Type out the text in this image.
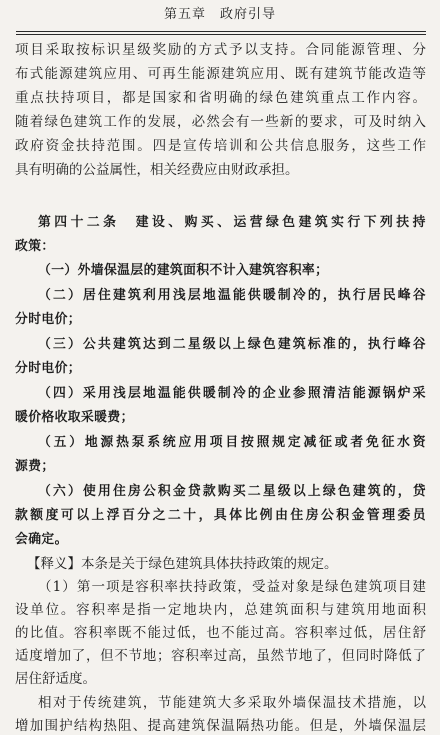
第五章 政府引导
项目采取按标识星级奖励的方式予以支持。合同能源管理、分
布式能源建筑应用、可再生能源建筑应用、既有建筑节能改造等
重点扶持项目，都是国家和省明确的绿色建筑重点工作内容。
随着绿色建筑工作的发展，必然会有一些新的要求，可及时纳入
政府资金扶持范围。四是宣传培训和公共信息服务，这些工作
具有明确的公益属性，相关经费应由财政承担。
第四十二条　建设、购买、运营绿色建筑实行下列扶持
政策：
（一）外墙保温层的建筑面积不计入建筑容积率；
（二）居住建筑利用浅层地温能供暖制冷的，执行居民峰谷
分时电价；
（三）公共建筑达到二星级以上绿色建筑标准的，执行峰谷
分时电价；
（四）采用浅层地温能供暖制冷的企业参照清洁能源锅炉采
暖价格收取采暖费；
（五）地源热泵系统应用项目按照规定减征或者免征水资
源费；
（六）使用住房公积金贷款购买二星级以上绿色建筑的，贷
款额度可以上浮百分之二十，具体比例由住房公积金管理委员
会确定。
【释义】本条是关于绿色建筑具体扶持政策的规定。
（1）第一项是容积率扶持政策，受益对象是绿色建筑项目建
设单位。容积率是指一定地块内，总建筑面积与建筑用地面积
的比值。容积率既不能过低，也不能过高。容积率过低，居住舒
适度增加了，但不节地；容积率过高，虽然节地了，但同时降低了
居住舒适度。
相对于传统建筑，节能建筑大多采取外墙保温技术措施，以
增加围护结构热阻、提高建筑保温隔热功能。但是，外墙保温层
